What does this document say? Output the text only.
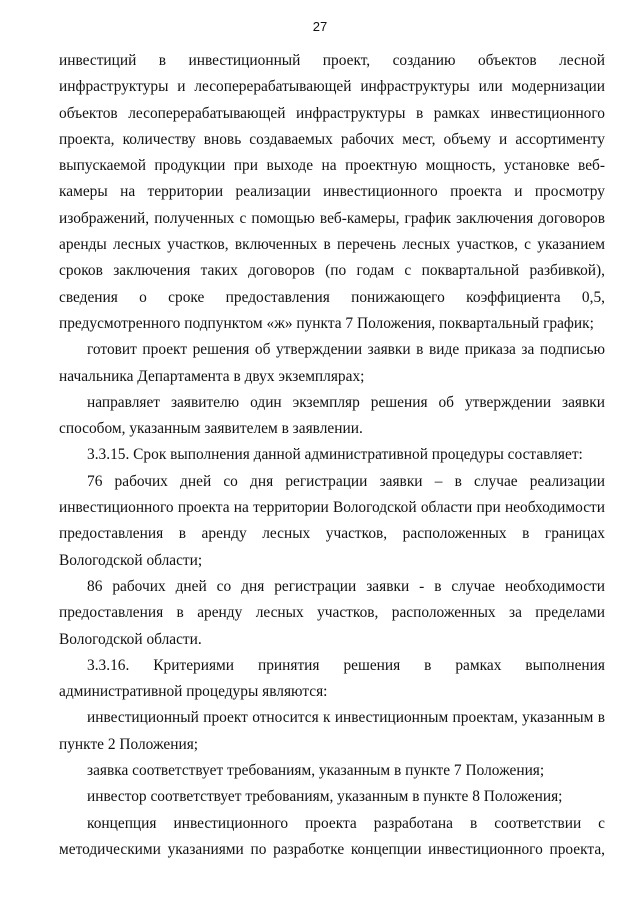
27

инвестиций в инвестиционный проект, созданию объектов лесной инфраструктуры и лесоперерабатывающей инфраструктуры или модернизации объектов лесоперерабатывающей инфраструктуры в рамках инвестиционного проекта, количеству вновь создаваемых рабочих мест, объему и ассортименту выпускаемой продукции при выходе на проектную мощность, установке веб-камеры на территории реализации инвестиционного проекта и просмотру изображений, полученных с помощью веб-камеры, график заключения договоров аренды лесных участков, включенных в перечень лесных участков, с указанием сроков заключения таких договоров (по годам с поквартальной разбивкой), сведения о сроке предоставления понижающего коэффициента 0,5, предусмотренного подпунктом «ж» пункта 7 Положения, поквартальный график;

готовит проект решения об утверждении заявки в виде приказа за подписью начальника Департамента в двух экземплярах;

направляет заявителю один экземпляр решения об утверждении заявки способом, указанным заявителем в заявлении.

3.3.15. Срок выполнения данной административной процедуры составляет:

76 рабочих дней со дня регистрации заявки – в случае реализации инвестиционного проекта на территории Вологодской области при необходимости предоставления в аренду лесных участков, расположенных в границах Вологодской области;

86 рабочих дней со дня регистрации заявки - в случае необходимости предоставления в аренду лесных участков, расположенных за пределами Вологодской области.

3.3.16. Критериями принятия решения в рамках выполнения административной процедуры являются:

инвестиционный проект относится к инвестиционным проектам, указанным в пункте 2 Положения;

заявка соответствует требованиям, указанным в пункте 7 Положения;

инвестор соответствует требованиям, указанным в пункте 8 Положения;

концепция инвестиционного проекта разработана в соответствии с методическими указаниями по разработке концепции инвестиционного проекта,
